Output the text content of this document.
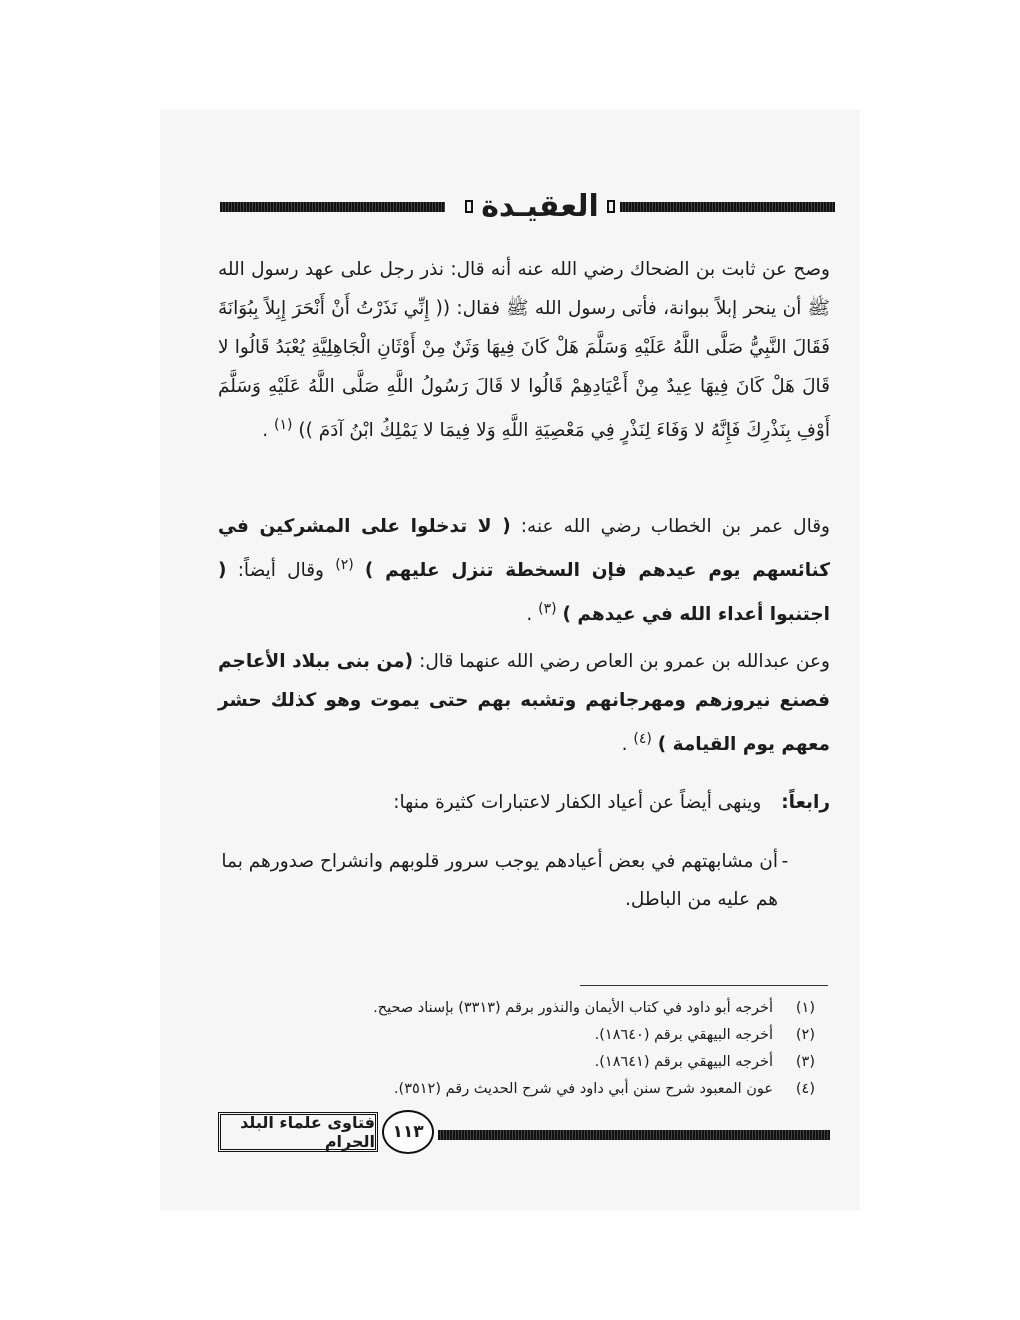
العقيـدة
وصح عن ثابت بن الضحاك رضي الله عنه أنه قال: نذر رجل على عهد رسول الله ﷺ أن ينحر إبلاً ببوانة، فأتى رسول الله ﷺ فقال: (( إِنِّي نَذَرْتُ أَنْ أَنْحَرَ إِبِلاً بِبُوَانَةَ فَقَالَ النَّبِيُّ صَلَّى اللَّهُ عَلَيْهِ وَسَلَّمَ هَلْ كَانَ فِيهَا وَثَنٌ مِنْ أَوْثَانِ الْجَاهِلِيَّةِ يُعْبَدُ قَالُوا لا قَالَ هَلْ كَانَ فِيهَا عِيدٌ مِنْ أَعْيَادِهِمْ قَالُوا لا قَالَ رَسُولُ اللَّهِ صَلَّى اللَّهُ عَلَيْهِ وَسَلَّمَ أَوْفِ بِنَذْرِكَ فَإِنَّهُ لا وَفَاءَ لِنَذْرٍ فِي مَعْصِيَةِ اللَّهِ وَلا فِيمَا لا يَمْلِكُ ابْنُ آدَمَ )) $^{(١)}$ .
وقال عمر بن الخطاب رضي الله عنه: ( لا تدخلوا على المشركين في كنائسهم يوم عيدهم فإن السخطة تنزل عليهم ) $^{(٢)}$ وقال أيضاً: ( اجتنبوا أعداء الله في عيدهم ) $^{(٣)}$ .
وعن عبدالله بن عمرو بن العاص رضي الله عنهما قال: (من بنى ببلاد الأعاجم فصنع نيروزهم ومهرجانهم وتشبه بهم حتى يموت وهو كذلك حشر معهم يوم القيامة ) $^{(٤)}$ .
رابعاً: وينهى أيضاً عن أعياد الكفار لاعتبارات كثيرة منها:
-
أن مشابهتهم في بعض أعيادهم يوجب سرور قلوبهم وانشراح صدورهم بما هم عليه من الباطل.
(١)
أخرجه أبو داود في كتاب الأيمان والنذور برقم (٣٣١٣) بإسناد صحيح.
(٢)
أخرجه البيهقي برقم (١٨٦٤٠).
(٣)
أخرجه البيهقي برقم (١٨٦٤١).
(٤)
عون المعبود شرح سنن أبي داود في شرح الحديث رقم (٣٥١٢).
فتاوى علماء البلد الحرام	١١٣
